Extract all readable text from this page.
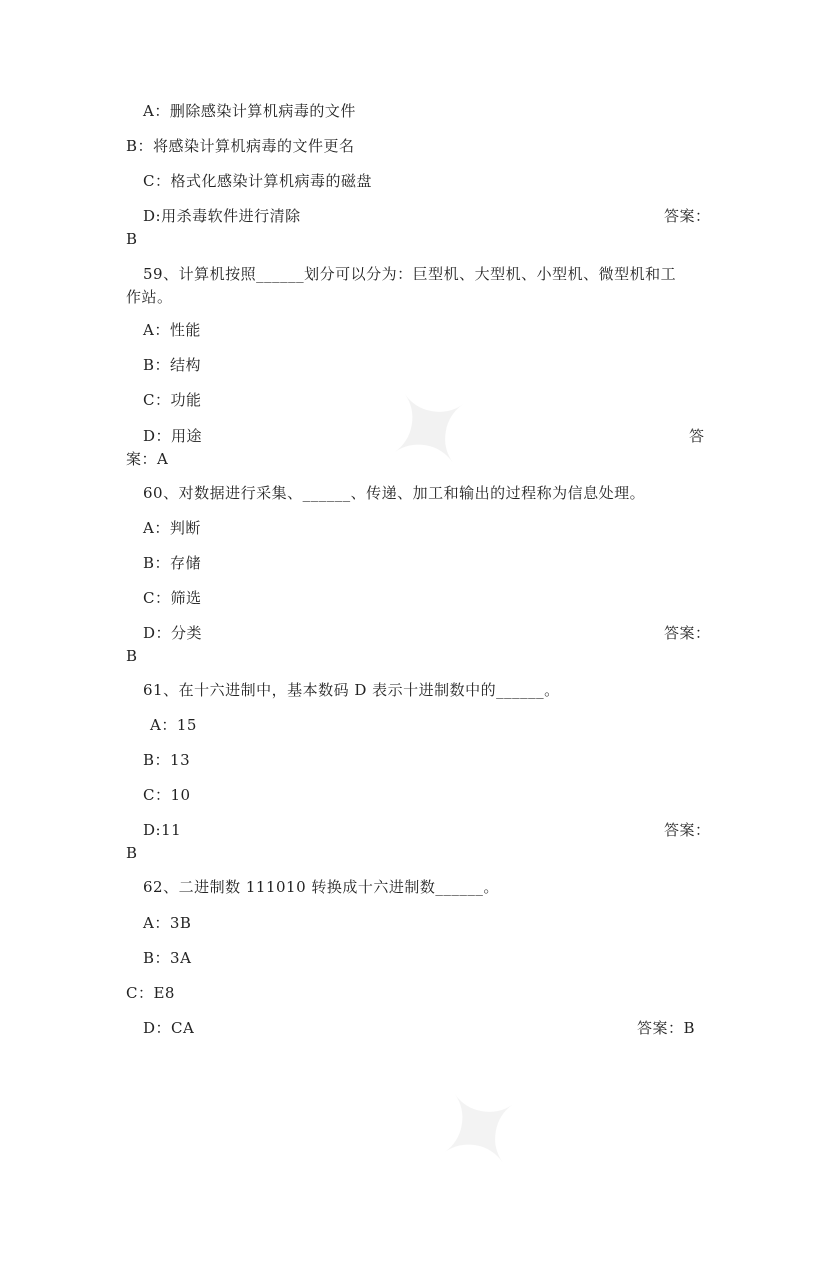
✦
✦
A：删除感染计算机病毒的文件
B：将感染计算机病毒的文件更名
C：格式化感染计算机病毒的磁盘
D:用杀毒软件进行清除	答案：
B
59、计算机按照______划分可以分为：巨型机、大型机、小型机、微型机和工
作站。
A：性能
B：结构
C：功能
D：用途	答
案：A
60、对数据进行采集、______、传递、加工和输出的过程称为信息处理。
A：判断
B：存储
C：筛选
D：分类	答案：
B
61、在十六进制中，基本数码 D 表示十进制数中的______。
A：15
B：13
C：10
D:11	答案：
B
62、二进制数 111010 转换成十六进制数______。
A：3B
B：3A
C：E8
D：CA	答案：B
